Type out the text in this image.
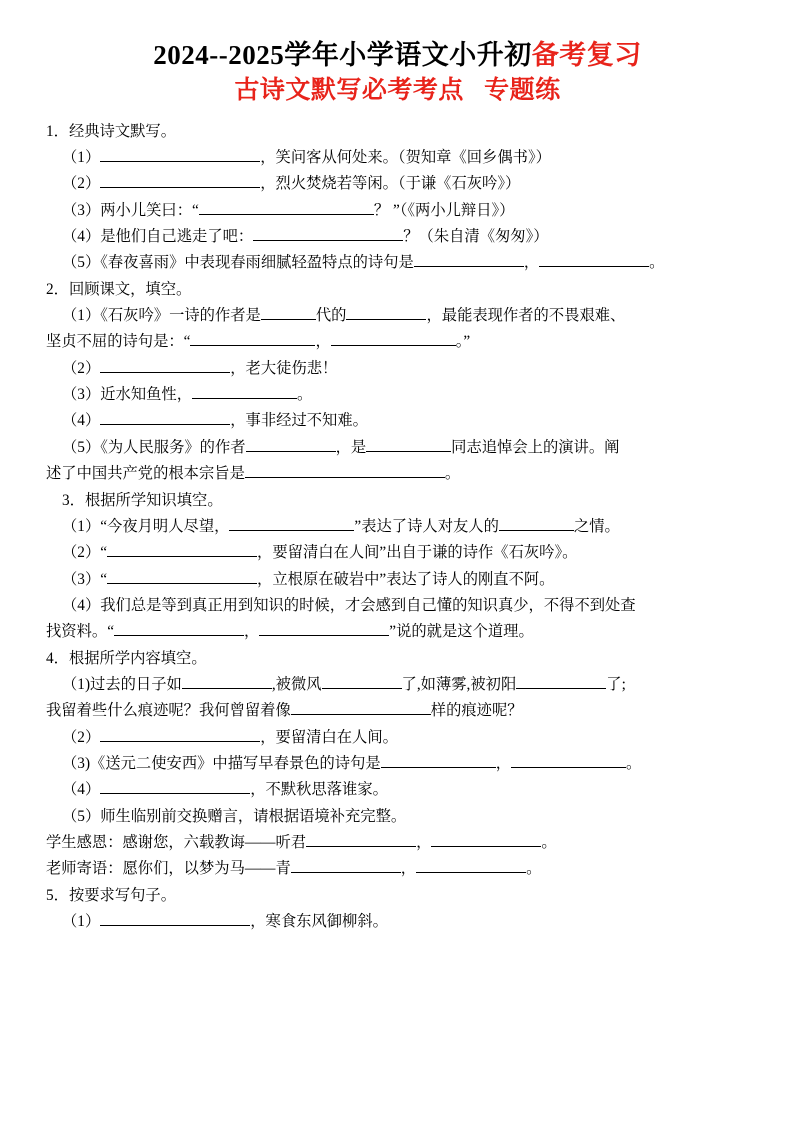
2024--2025学年小学语文小升初备考复习
古诗文默写必考考点 专题练
1．经典诗文默写。
（1）	，笑问客从何处来。（贺知章《回乡偶书》）
（2）	，烈火焚烧若等闲。（于谦《石灰吟》）
（3）两小儿笑曰：“	？ ”（《两小儿辩日》）
（4）是他们自己逃走了吧：	？（朱自清《匆匆》）
（5）《春夜喜雨》中表现春雨细腻轻盈特点的诗句是	，	。
2．回顾课文，填空。
（1）《石灰吟》一诗的作者是	代的	，最能表现作者的不畏艰难、
坚贞不屈的诗句是：“	，	。”
（2）	，老大徒伤悲！
（3）近水知鱼性，	。
（4）	，事非经过不知难。
（5）《为人民服务》的作者	，是	同志追悼会上的演讲。阐
述了中国共产党的根本宗旨是	。
3．根据所学知识填空。
（1）“今夜月明人尽望，	”表达了诗人对友人的	之情。
（2）“	，要留清白在人间”出自于谦的诗作《石灰吟》。
（3）“	，立根原在破岩中”表达了诗人的刚直不阿。
（4）我们总是等到真正用到知识的时候，才会感到自己懂的知识真少，不得不到处查
找资料。“	，	”说的就是这个道理。
4．根据所学内容填空。
（1)过去的日子如	,被微风	了,如薄雾,被初阳	了;
我留着些什么痕迹呢？我何曾留着像	样的痕迹呢？
（2）	，要留清白在人间。
（3)《送元二使安西》中描写早春景色的诗句是	，	。
（4）	，不默秋思落谁家。
（5）师生临别前交换赠言，请根据语境补充完整。
学生感恩：感谢您，六载教诲——听君	，	。
老师寄语：愿你们，以梦为马——青	，	。
5．按要求写句子。
（1）	，寒食东风御柳斜。
